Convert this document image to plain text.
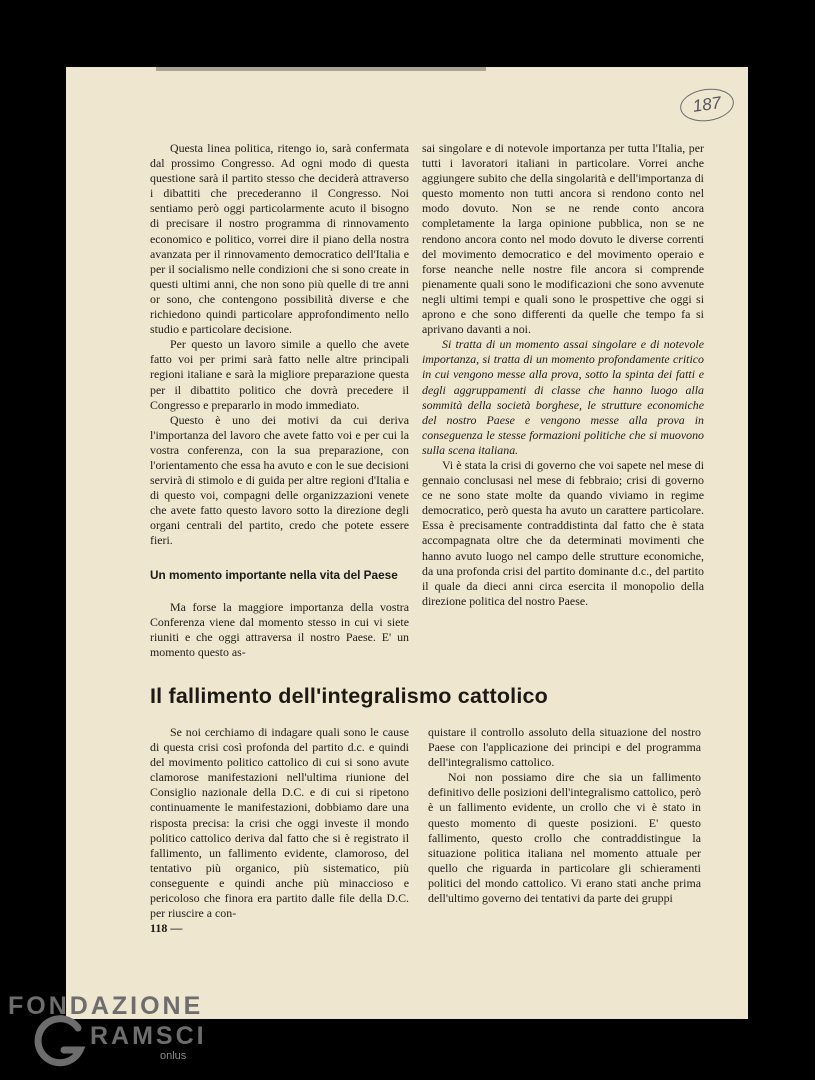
187

Questa linea politica, ritengo io, sarà confermata dal prossimo Congresso. Ad ogni modo di questa questione sarà il partito stesso che deciderà attraverso i dibattiti che precederanno il Congresso. Noi sentiamo però oggi particolarmente acuto il bisogno di precisare il nostro programma di rinnovamento economico e politico, vorrei dire il piano della nostra avanzata per il rinnovamento democratico dell'Italia e per il socialismo nelle condizioni che si sono create in questi ultimi anni, che non sono più quelle di tre anni or sono, che contengono possibilità diverse e che richiedono quindi particolare approfondimento nello studio e particolare decisione.

Per questo un lavoro simile a quello che avete fatto voi per primi sarà fatto nelle altre principali regioni italiane e sarà la migliore preparazione questa per il dibattito politico che dovrà precedere il Congresso e prepararlo in modo immediato.

Questo è uno dei motivi da cui deriva l'importanza del lavoro che avete fatto voi e per cui la vostra conferenza, con la sua preparazione, con l'orientamento che essa ha avuto e con le sue decisioni servirà di stimolo e di guida per altre regioni d'Italia e di questo voi, compagni delle organizzazioni venete che avete fatto questo lavoro sotto la direzione degli organi centrali del partito, credo che potete essere fieri.

Un momento importante nella vita del Paese

Ma forse la maggiore importanza della vostra Conferenza viene dal momento stesso in cui vi siete riuniti e che oggi attraversa il nostro Paese. E' un momento questo as-

sai singolare e di notevole importanza per tutta l'Italia, per tutti i lavoratori italiani in particolare. Vorrei anche aggiungere subito che della singolarità e dell'importanza di questo momento non tutti ancora si rendono conto nel modo dovuto. Non se ne rende conto ancora completamente la larga opinione pubblica, non se ne rendono ancora conto nel modo dovuto le diverse correnti del movimento democratico e del movimento operaio e forse neanche nelle nostre file ancora si comprende pienamente quali sono le modificazioni che sono avvenute negli ultimi tempi e quali sono le prospettive che oggi si aprono e che sono differenti da quelle che tempo fa si aprivano davanti a noi.

Si tratta di un momento assai singolare e di notevole importanza, si tratta di un momento profondamente critico in cui vengono messe alla prova, sotto la spinta dei fatti e degli aggruppamenti di classe che hanno luogo alla sommità della società borghese, le strutture economiche del nostro Paese e vengono messe alla prova in conseguenza le stesse formazioni politiche che si muovono sulla scena italiana.

Vi è stata la crisi di governo che voi sapete nel mese di gennaio conclusasi nel mese di febbraio; crisi di governo ce ne sono state molte da quando viviamo in regime democratico, però questa ha avuto un carattere particolare. Essa è precisamente contraddistinta dal fatto che è stata accompagnata oltre che da determinati movimenti che hanno avuto luogo nel campo delle strutture economiche, da una profonda crisi del partito dominante d.c., del partito il quale da dieci anni circa esercita il monopolio della direzione politica del nostro Paese.

Il fallimento dell'integralismo cattolico

Se noi cerchiamo di indagare quali sono le cause di questa crisi così profonda del partito d.c. e quindi del movimento politico cattolico di cui si sono avute clamorose manifestazioni nell'ultima riunione del Consiglio nazionale della D.C. e di cui si ripetono continuamente le manifestazioni, dobbiamo dare una risposta precisa: la crisi che oggi investe il mondo politico cattolico deriva dal fatto che si è registrato il fallimento, un fallimento evidente, clamoroso, del tentativo più organico, più sistematico, più conseguente e quindi anche più minaccioso e pericoloso che finora era partito dalle file della D.C. per riuscire a con-

quistare il controllo assoluto della situazione del nostro Paese con l'applicazione dei principi e del programma dell'integralismo cattolico.

Noi non possiamo dire che sia un fallimento definitivo delle posizioni dell'integralismo cattolico, però è un fallimento evidente, un crollo che vi è stato in questo momento di queste posizioni. E' questo fallimento, questo crollo che contraddistingue la situazione politica italiana nel momento attuale per quello che riguarda in particolare gli schieramenti politici del mondo cattolico. Vi erano stati anche prima dell'ultimo governo dei tentativi da parte dei gruppi

118 —
FONDAZIONE
RAMSCI
onlus
